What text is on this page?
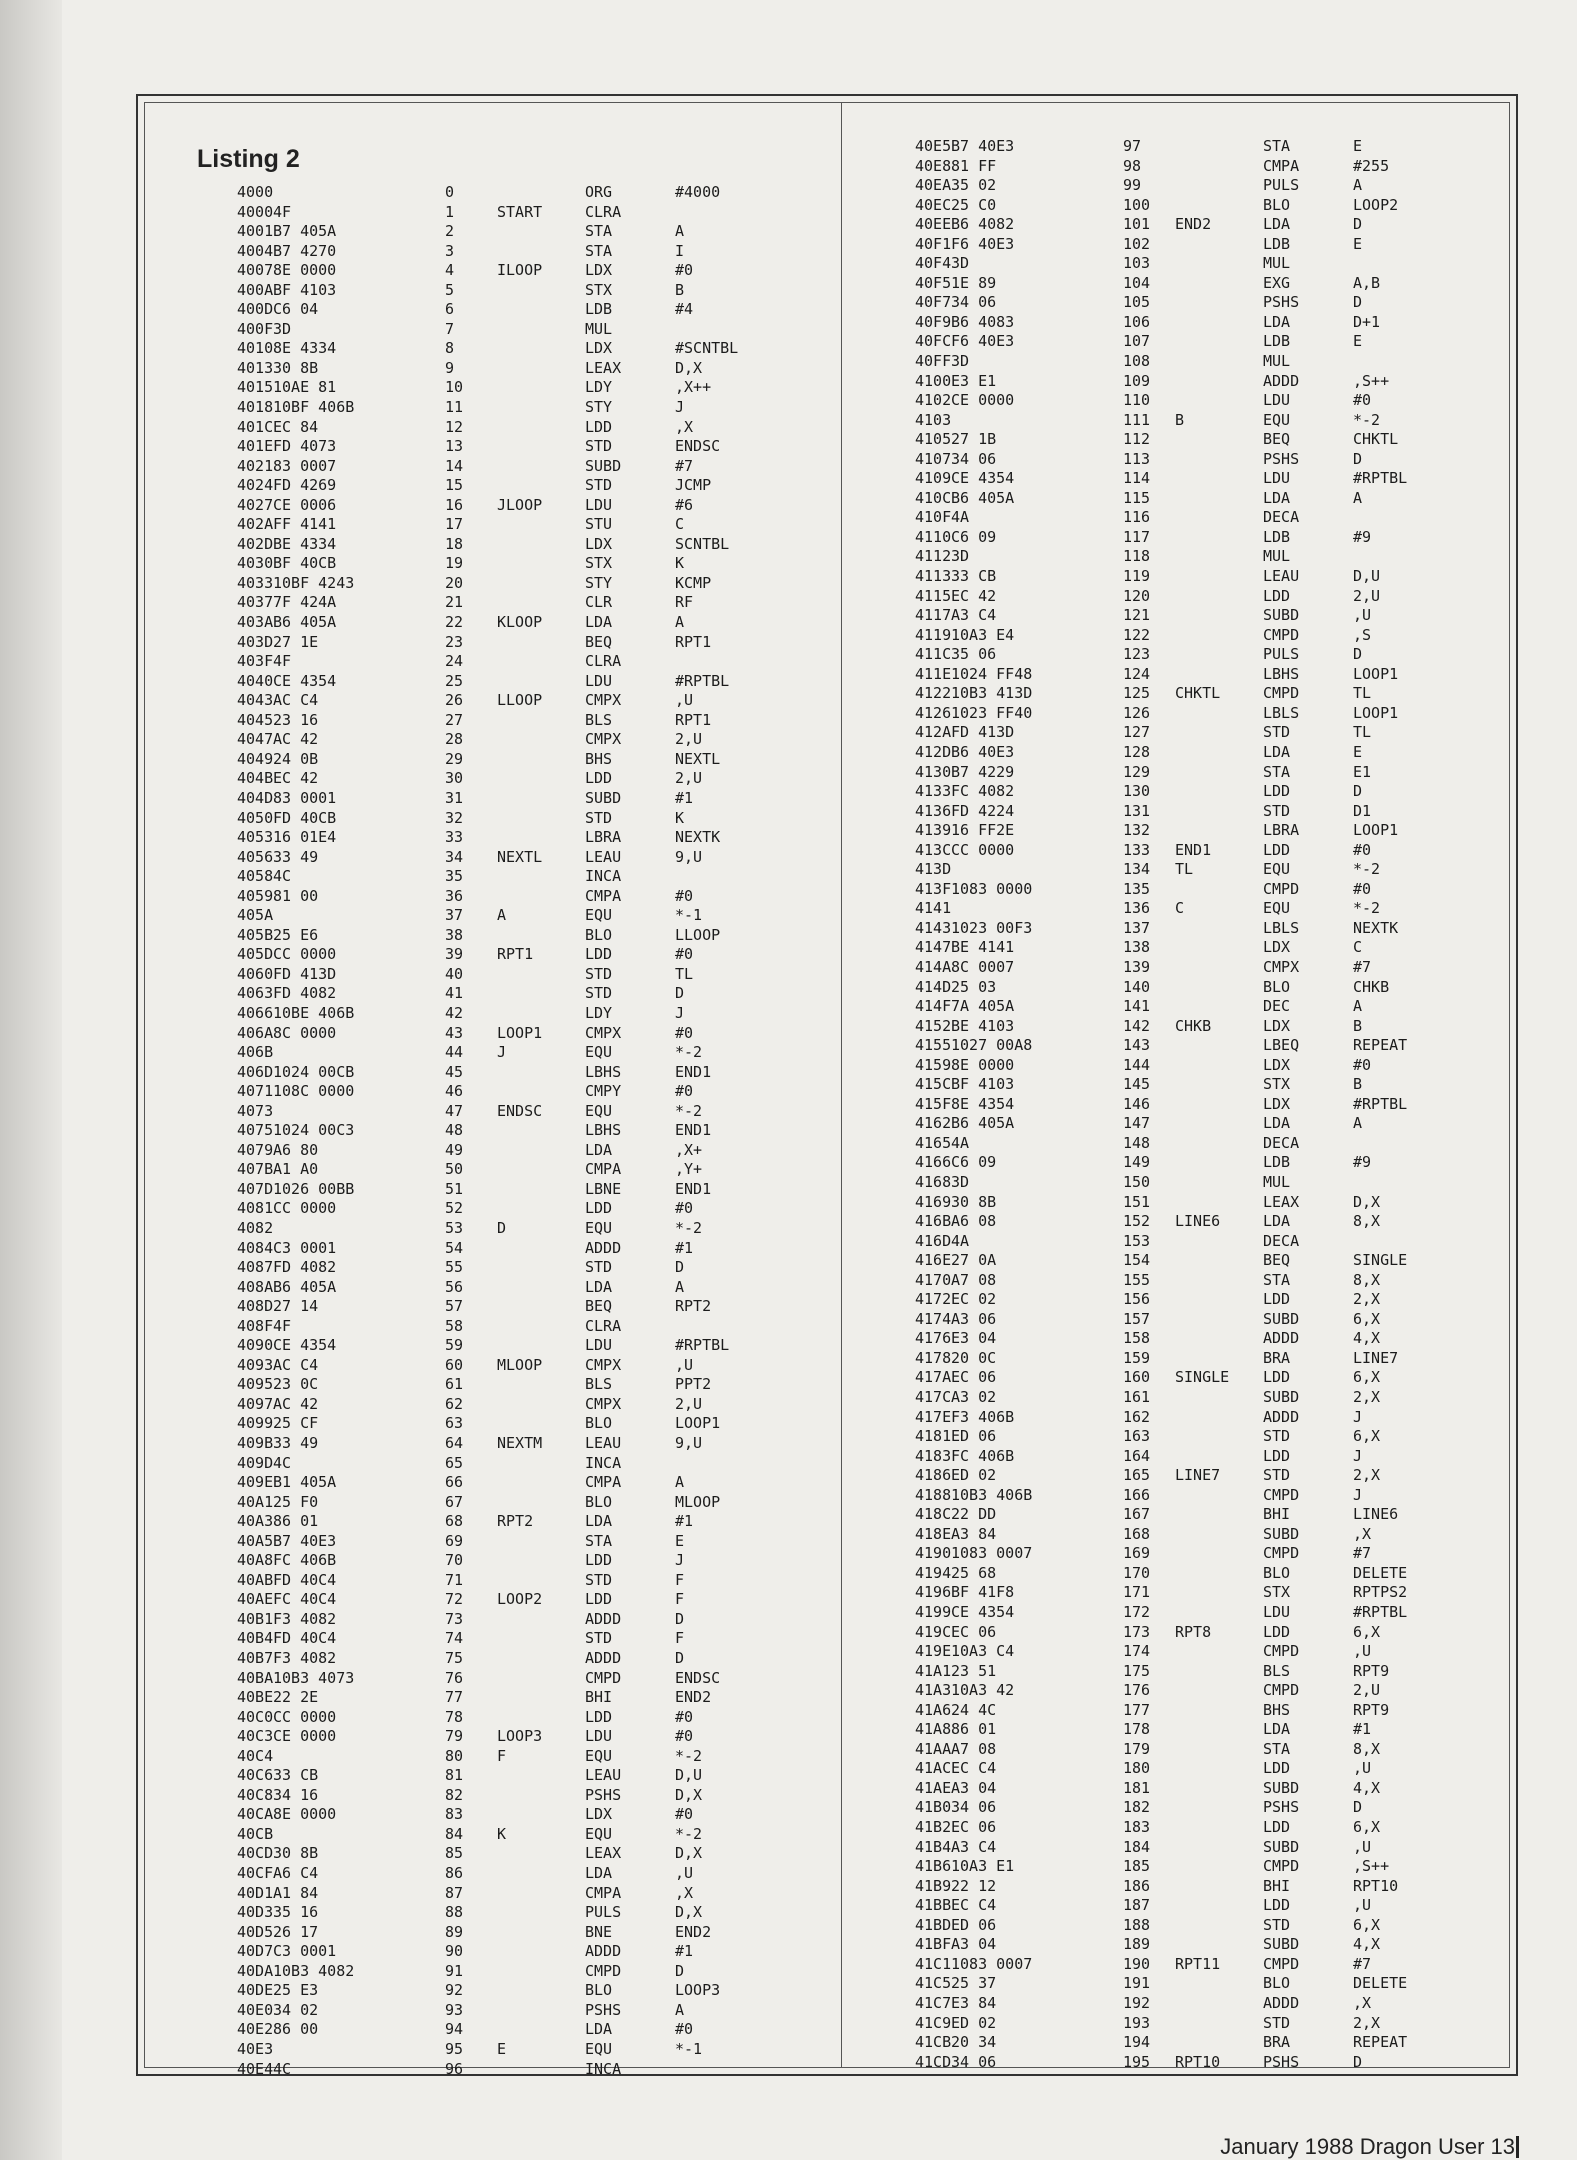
Listing 2
4000	0	ORG	#4000
4000 4F	1	START	CLRA
4001 B7 405A	2	STA	A
4004 B7 4270	3	STA	I
4007 8E 0000	4	ILOOP	LDX	#0
400A BF 4103	5	STX	B
400D C6 04	6	LDB	#4
400F 3D	7	MUL
4010 8E 4334	8	LDX	#SCNTBL
4013 30 8B	9	LEAX	D,X
4015 10AE 81	10	LDY	,X++
4018 10BF 406B	11	STY	J
401C EC 84	12	LDD	,X
401E FD 4073	13	STD	ENDSC
4021 83 0007	14	SUBD	#7
4024 FD 4269	15	STD	JCMP
4027 CE 0006	16 JLOOP	LDU	#6
402A FF 4141	17	STU	C
402D BE 4334	18	LDX	SCNTBL
4030 BF 40CB	19	STX	K
4033 10BF 4243	20	STY	KCMP
4037 7F 424A	21	CLR	RF
403A B6 405A	22 KLOOP	LDA	A
403D 27 1E	23	BEQ	RPT1
403F 4F	24	CLRA
4040 CE 4354	25	LDU	#RPTBL
4043 AC C4	26 LLOOP	CMPX	,U
4045 23 16	27	BLS	RPT1
4047 AC 42	28	CMPX	2,U
4049 24 0B	29	BHS	NEXTL
404B EC 42	30	LDD	2,U
404D 83 0001	31	SUBD	#1
4050 FD 40CB	32	STD	K
4053 16 01E4	33	LBRA	NEXTK
4056 33 49	34 NEXTL	LEAU	9,U
4058 4C	35	INCA
4059 81 00	36	CMPA	#0
405A	37 A	EQU	*-1
405B 25 E6	38	BLO	LLOOP
405D CC 0000	39 RPT1	LDD	#0
4060 FD 413D	40	STD	TL
4063 FD 4082	41	STD	D
4066 10BE 406B	42	LDY	J
406A 8C 0000	43 LOOP1	CMPX	#0
406B	44 J	EQU	*-2
406D 1024 00CB	45	LBHS	END1
4071 108C 0000	46	CMPY	#0
4073	47 ENDSC	EQU	*-2
4075 1024 00C3	48	LBHS	END1
4079 A6 80	49	LDA	,X+
407B A1 A0	50	CMPA	,Y+
407D 1026 00BB	51	LBNE	END1
4081 CC 0000	52	LDD	#0
4082	53 D	EQU	*-2
4084 C3 0001	54	ADDD	#1
4087 FD 4082	55	STD	D
408A B6 405A	56	LDA	A
408D 27 14	57	BEQ	RPT2
408F 4F	58	CLRA
4090 CE 4354	59	LDU	#RPTBL
4093 AC C4	60 MLOOP	CMPX	,U
4095 23 0C	61	BLS	PPT2
4097 AC 42	62	CMPX	2,U
4099 25 CF	63	BLO	LOOP1
409B 33 49	64 NEXTM	LEAU	9,U
409D 4C	65	INCA
409E B1 405A	66	CMPA	A
40A1 25 F0	67	BLO	MLOOP
40A3 86 01	68 RPT2	LDA	#1
40A5 B7 40E3	69	STA	E
40A8 FC 406B	70	LDD	J
40AB FD 40C4	71	STD	F
40AE FC 40C4	72 LOOP2	LDD	F
40B1 F3 4082	73	ADDD	D
40B4 FD 40C4	74	STD	F
40B7 F3 4082	75	ADDD	D
40BA 10B3 4073	76	CMPD	ENDSC
40BE 22 2E	77	BHI	END2
40C0 CC 0000	78	LDD	#0
40C3 CE 0000	79 LOOP3	LDU	#0
40C4	80 F	EQU	*-2
40C6 33 CB	81	LEAU	D,U
40C8 34 16	82	PSHS	D,X
40CA 8E 0000	83	LDX	#0
40CB	84 K	EQU	*-2
40CD 30 8B	85	LEAX	D,X
40CF A6 C4	86	LDA	,U
40D1 A1 84	87	CMPA	,X
40D3 35 16	88	PULS	D,X
40D5 26 17	89	BNE	END2
40D7 C3 0001	90	ADDD	#1
40DA 10B3 4082	91	CMPD	D
40DE 25 E3	92	BLO	LOOP3
40E0 34 02	93	PSHS	A
40E2 86 00	94	LDA	#0
40E3	95 E	EQU	*-1
40E4 4C	96	INCA
40E5 B7 40E3	97	STA	E
40E8 81 FF	98	CMPA	#255
40EA 35 02	99	PULS	A
40EC 25 C0	100	BLO	LOOP2
40EE B6 4082	101 END2	LDA	D
40F1 F6 40E3	102	LDB	E
40F4 3D	103	MUL
40F5 1E 89	104	EXG	A,B
40F7 34 06	105	PSHS	D
40F9 B6 4083	106	LDA	D+1
40FC F6 40E3	107	LDB	E
40FF 3D	108	MUL
4100 E3 E1	109	ADDD	,S++
4102 CE 0000	110	LDU	#0
4103	111 B	EQU	*-2
4105 27 1B	112	BEQ	CHKTL
4107 34 06	113	PSHS	D
4109 CE 4354	114	LDU	#RPTBL
410C B6 405A	115	LDA	A
410F 4A	116	DECA
4110 C6 09	117	LDB	#9
4112 3D	118	MUL
4113 33 CB	119	LEAU	D,U
4115 EC 42	120	LDD	2,U
4117 A3 C4	121	SUBD	,U
4119 10A3 E4	122	CMPD	,S
411C 35 06	123	PULS	D
411E 1024 FF48	124	LBHS	LOOP1
4122 10B3 413D	125 CHKTL	CMPD	TL
4126 1023 FF40	126	LBLS	LOOP1
412A FD 413D	127	STD	TL
412D B6 40E3	128	LDA	E
4130 B7 4229	129	STA	E1
4133 FC 4082	130	LDD	D
4136 FD 4224	131	STD	D1
4139 16 FF2E	132	LBRA	LOOP1
413C CC 0000	133 END1	LDD	#0
413D	134 TL	EQU	*-2
413F 1083 0000	135	CMPD	#0
4141	136 C	EQU	*-2
4143 1023 00F3	137	LBLS	NEXTK
4147 BE 4141	138	LDX	C
414A 8C 0007	139	CMPX	#7
414D 25 03	140	BLO	CHKB
414F 7A 405A	141	DEC	A
4152 BE 4103	142 CHKB	LDX	B
4155 1027 00A8	143	LBEQ	REPEAT
4159 8E 0000	144	LDX	#0
415C BF 4103	145	STX	B
415F 8E 4354	146	LDX	#RPTBL
4162 B6 405A	147	LDA	A
4165 4A	148	DECA
4166 C6 09	149	LDB	#9
4168 3D	150	MUL
4169 30 8B	151	LEAX	D,X
416B A6 08	152 LINE6	LDA	8,X
416D 4A	153	DECA
416E 27 0A	154	BEQ	SINGLE
4170 A7 08	155	STA	8,X
4172 EC 02	156	LDD	2,X
4174 A3 06	157	SUBD	6,X
4176 E3 04	158	ADDD	4,X
4178 20 0C	159	BRA	LINE7
417A EC 06	160 SINGLE LDD	6,X
417C A3 02	161	SUBD	2,X
417E F3 406B	162	ADDD	J
4181 ED 06	163	STD	6,X
4183 FC 406B	164	LDD	J
4186 ED 02	165 LINE7	STD	2,X
4188 10B3 406B	166	CMPD	J
418C 22 DD	167	BHI	LINE6
418E A3 84	168	SUBD	,X
4190 1083 0007	169	CMPD	#7
4194 25 68	170	BLO	DELETE
4196 BF 41F8	171	STX	RPTPS2
4199 CE 4354	172	LDU	#RPTBL
419C EC 06	173 RPT8	LDD	6,X
419E 10A3 C4	174	CMPD	,U
41A1 23 51	175	BLS	RPT9
41A3 10A3 42	176	CMPD	2,U
41A6 24 4C	177	BHS	RPT9
41A8 86 01	178	LDA	#1
41AA A7 08	179	STA	8,X
41AC EC C4	180	LDD	,U
41AE A3 04	181	SUBD	4,X
41B0 34 06	182	PSHS	D
41B2 EC 06	183	LDD	6,X
41B4 A3 C4	184	SUBD	,U
41B6 10A3 E1	185	CMPD	,S++
41B9 22 12	186	BHI	RPT10
41BB EC C4	187	LDD	,U
41BD ED 06	188	STD	6,X
41BF A3 04	189	SUBD	4,X
41C1 1083 0007	190 RPT11	CMPD	#7
41C5 25 37	191	BLO	DELETE
41C7 E3 84	192	ADDD	,X
41C9 ED 02	193	STD	2,X
41CB 20 34	194	BRA	REPEAT
41CD 34 06	195 RPT10	PSHS	D
January 1988 Dragon User 13
